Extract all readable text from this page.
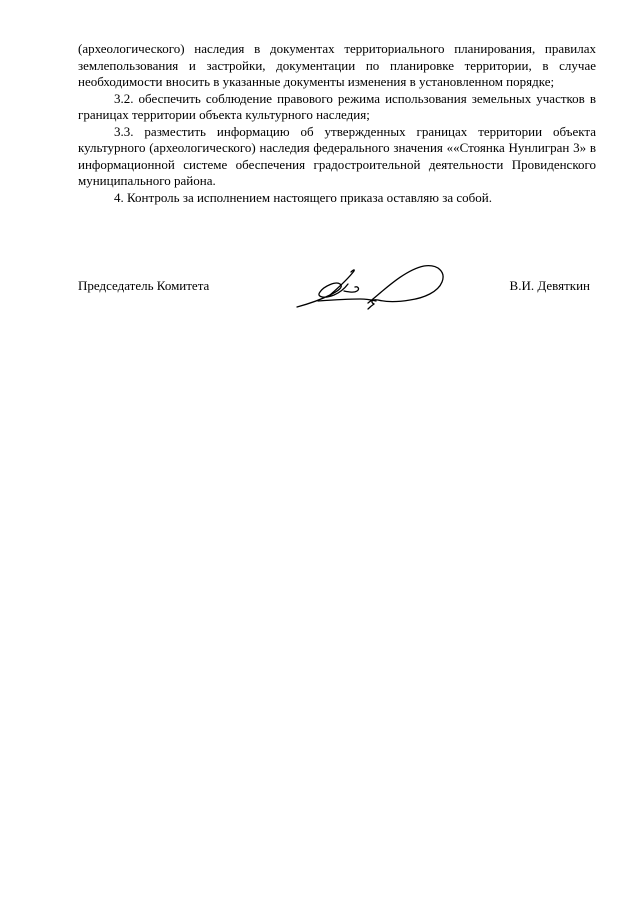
(археологического) наследия в документах территориального планирования, правилах землепользования и застройки, документации по планировке территории, в случае необходимости вносить в указанные документы изменения в установленном порядке;

3.2. обеспечить соблюдение правового режима использования земельных участков в границах территории объекта культурного наследия;

3.3. разместить информацию об утвержденных границах территории объекта культурного (археологического) наследия федерального значения ««Стоянка Нунлигран 3» в информационной системе обеспечения градостроительной деятельности Провиденского муниципального района.

4. Контроль за исполнением настоящего приказа оставляю за собой.

Председатель Комитета	В.И. Девяткин
